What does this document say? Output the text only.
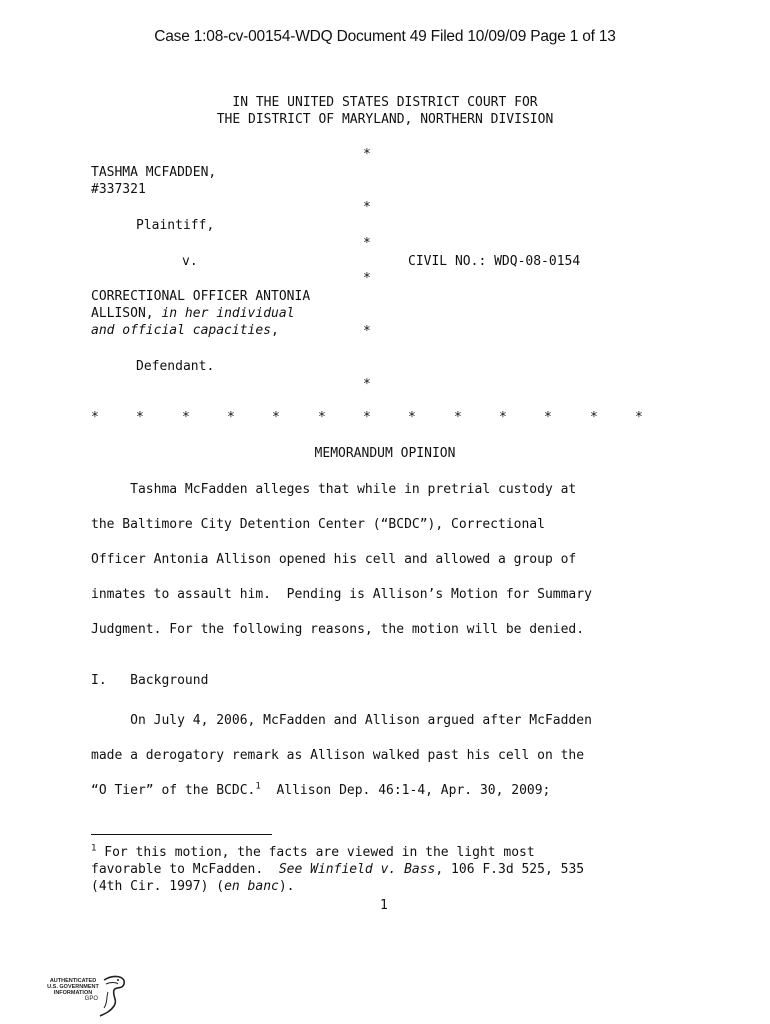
Case 1:08-cv-00154-WDQ Document 49 Filed 10/09/09 Page 1 of 13
IN THE UNITED STATES DISTRICT COURT FOR
THE DISTRICT OF MARYLAND, NORTHERN DIVISION
*
*
*
*
*
*
TASHMA MCFADDEN,
#337321
Plaintiff,
v.	CIVIL NO.: WDQ-08-0154
CORRECTIONAL OFFICER ANTONIA
ALLISON, in her individual
and official capacities,
Defendant.

*

	*

	*

	*

	*

	*

	*

	*

	*

	*

	*

	*

	*

MEMORANDUM OPINION
Tashma McFadden alleges that while in pretrial custody at
the Baltimore City Detention Center (“BCDC”), Correctional
Officer Antonia Allison opened his cell and allowed a group of
inmates to assault him.  Pending is Allison’s Motion for Summary
Judgment. For the following reasons, the motion will be denied.
I.   Background
On July 4, 2006, McFadden and Allison argued after McFadden
made a derogatory remark as Allison walked past his cell on the
“O Tier” of the BCDC.$^1$  Allison Dep. 46:1-4, Apr. 30, 2009;
$^1$ For this motion, the facts are viewed in the light most
favorable to McFadden.  See Winfield v. Bass, 106 F.3d 525, 535
(4th Cir. 1997) (en banc).
1
AUTHENTICATED
U.S. GOVERNMENT
INFORMATION
GPO
